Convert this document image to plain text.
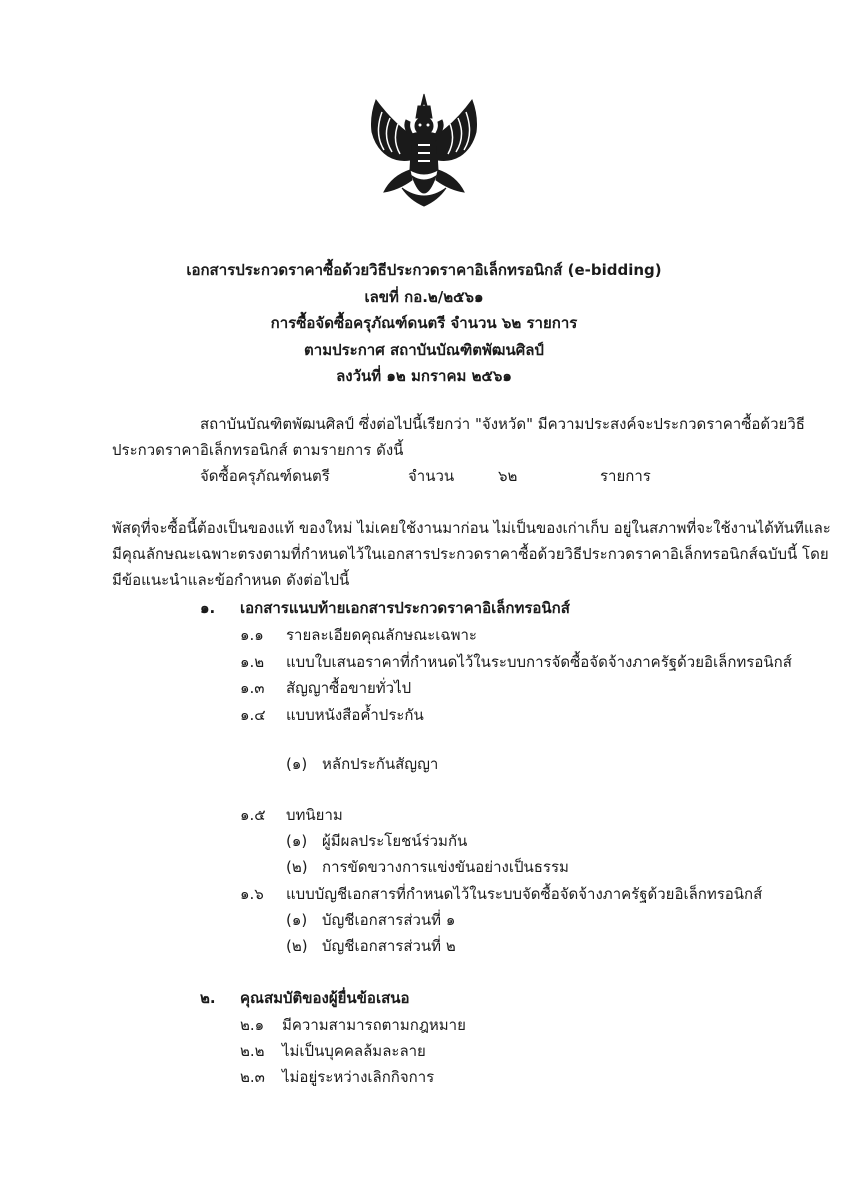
เอกสารประกวดราคาซื้อด้วยวิธีประกวดราคาอิเล็กทรอนิกส์ (e-bidding)
เลขที่ กอ.๒/๒๕๖๑
การซื้อจัดซื้อครุภัณฑ์ดนตรี จำนวน ๖๒ รายการ
ตามประกาศ สถาบันบัณฑิตพัฒนศิลป์
ลงวันที่ ๑๒ มกราคม ๒๕๖๑
สถาบันบัณฑิตพัฒนศิลป์ ซึ่งต่อไปนี้เรียกว่า "จังหวัด" มีความประสงค์จะประกวดราคาซื้อด้วยวิธี
ประกวดราคาอิเล็กทรอนิกส์ ตามรายการ ดังนี้
จัดซื้อครุภัณฑ์ดนตรี	จำนวน	๖๒	รายการ
พัสดุที่จะซื้อนี้ต้องเป็นของแท้ ของใหม่ ไม่เคยใช้งานมาก่อน ไม่เป็นของเก่าเก็บ อยู่ในสภาพที่จะใช้งานได้ทันทีและ
มีคุณลักษณะเฉพาะตรงตามที่กำหนดไว้ในเอกสารประกวดราคาซื้อด้วยวิธีประกวดราคาอิเล็กทรอนิกส์ฉบับนี้ โดย
มีข้อแนะนำและข้อกำหนด ดังต่อไปนี้
๑. เอกสารแนบท้ายเอกสารประกวดราคาอิเล็กทรอนิกส์
๑.๑ รายละเอียดคุณลักษณะเฉพาะ
๑.๒ แบบใบเสนอราคาที่กำหนดไว้ในระบบการจัดซื้อจัดจ้างภาครัฐด้วยอิเล็กทรอนิกส์
๑.๓ สัญญาซื้อขายทั่วไป
๑.๔ แบบหนังสือค้ำประกัน
(๑) หลักประกันสัญญา
๑.๕ บทนิยาม
(๑) ผู้มีผลประโยชน์ร่วมกัน
(๒) การขัดขวางการแข่งขันอย่างเป็นธรรม
๑.๖ แบบบัญชีเอกสารที่กำหนดไว้ในระบบจัดซื้อจัดจ้างภาครัฐด้วยอิเล็กทรอนิกส์
(๑) บัญชีเอกสารส่วนที่ ๑
(๒) บัญชีเอกสารส่วนที่ ๒
๒. คุณสมบัติของผู้ยื่นข้อเสนอ
๒.๑ มีความสามารถตามกฎหมาย
๒.๒ ไม่เป็นบุคคลล้มละลาย
๒.๓ ไม่อยู่ระหว่างเลิกกิจการ
